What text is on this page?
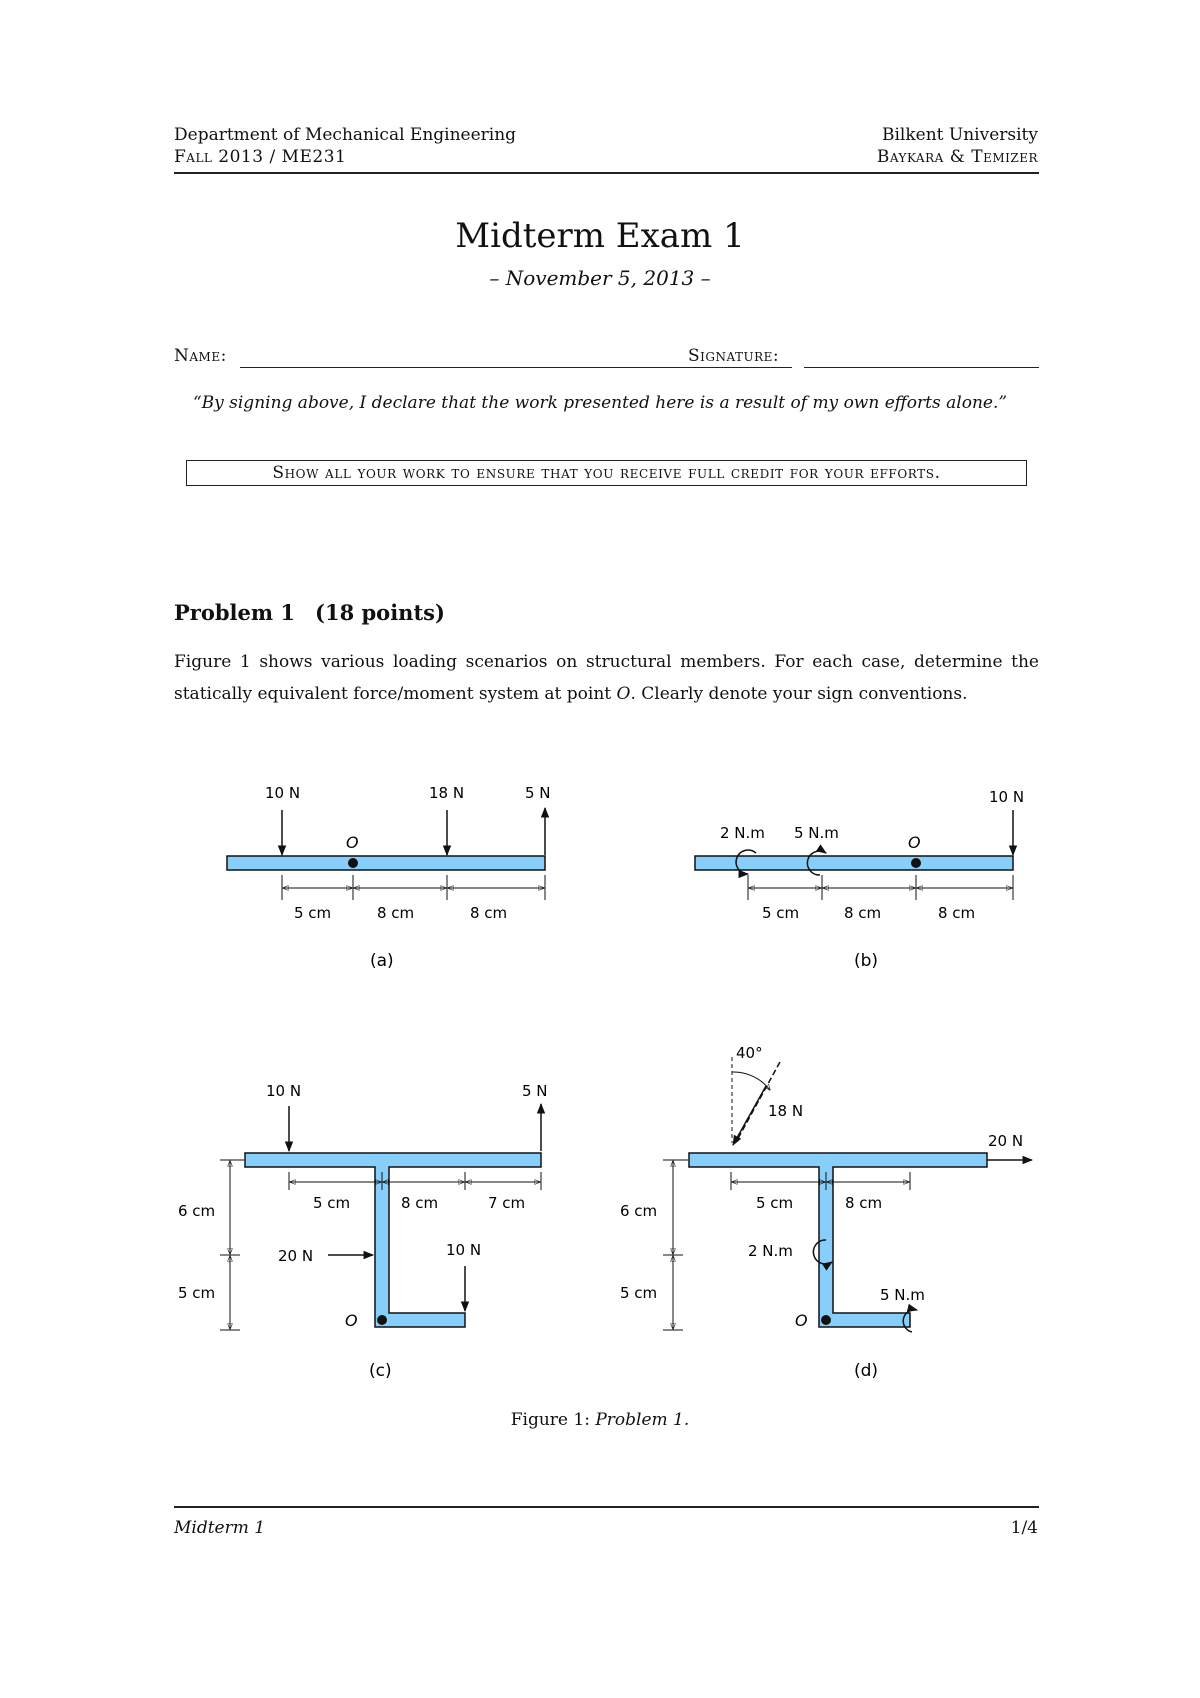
Department of Mechanical Engineering
Fall 2013 / ME231
Bilkent University
Baykara & Temizer
Midterm Exam 1
– November 5, 2013 –
Name:	Signature:
“By signing above, I declare that the work presented here is a result of my own efforts alone.”
Show all your work to ensure that you receive full credit for your efforts.
Problem 1 (18 points)
Figure 1 shows various loading scenarios on structural members. For each case, determine the statically equivalent force/moment system at point O. Clearly denote your sign conventions.
O
10 N	18 N	5 N
5 cm	8 cm	8 cm
(a)
O
2 N.m 5 N.m
10 N
5 cm	8 cm	8 cm
(b)
O
10 N	5 N
20 N	10 N
5 cm	8 cm	7 cm
6 cm
5 cm
(c)
O
40°
18 N
20 N
2 N.m
5 N.m
5 cm	8 cm
6 cm
5 cm
(d)
Figure 1: Problem 1.
Midterm 1	1/4
